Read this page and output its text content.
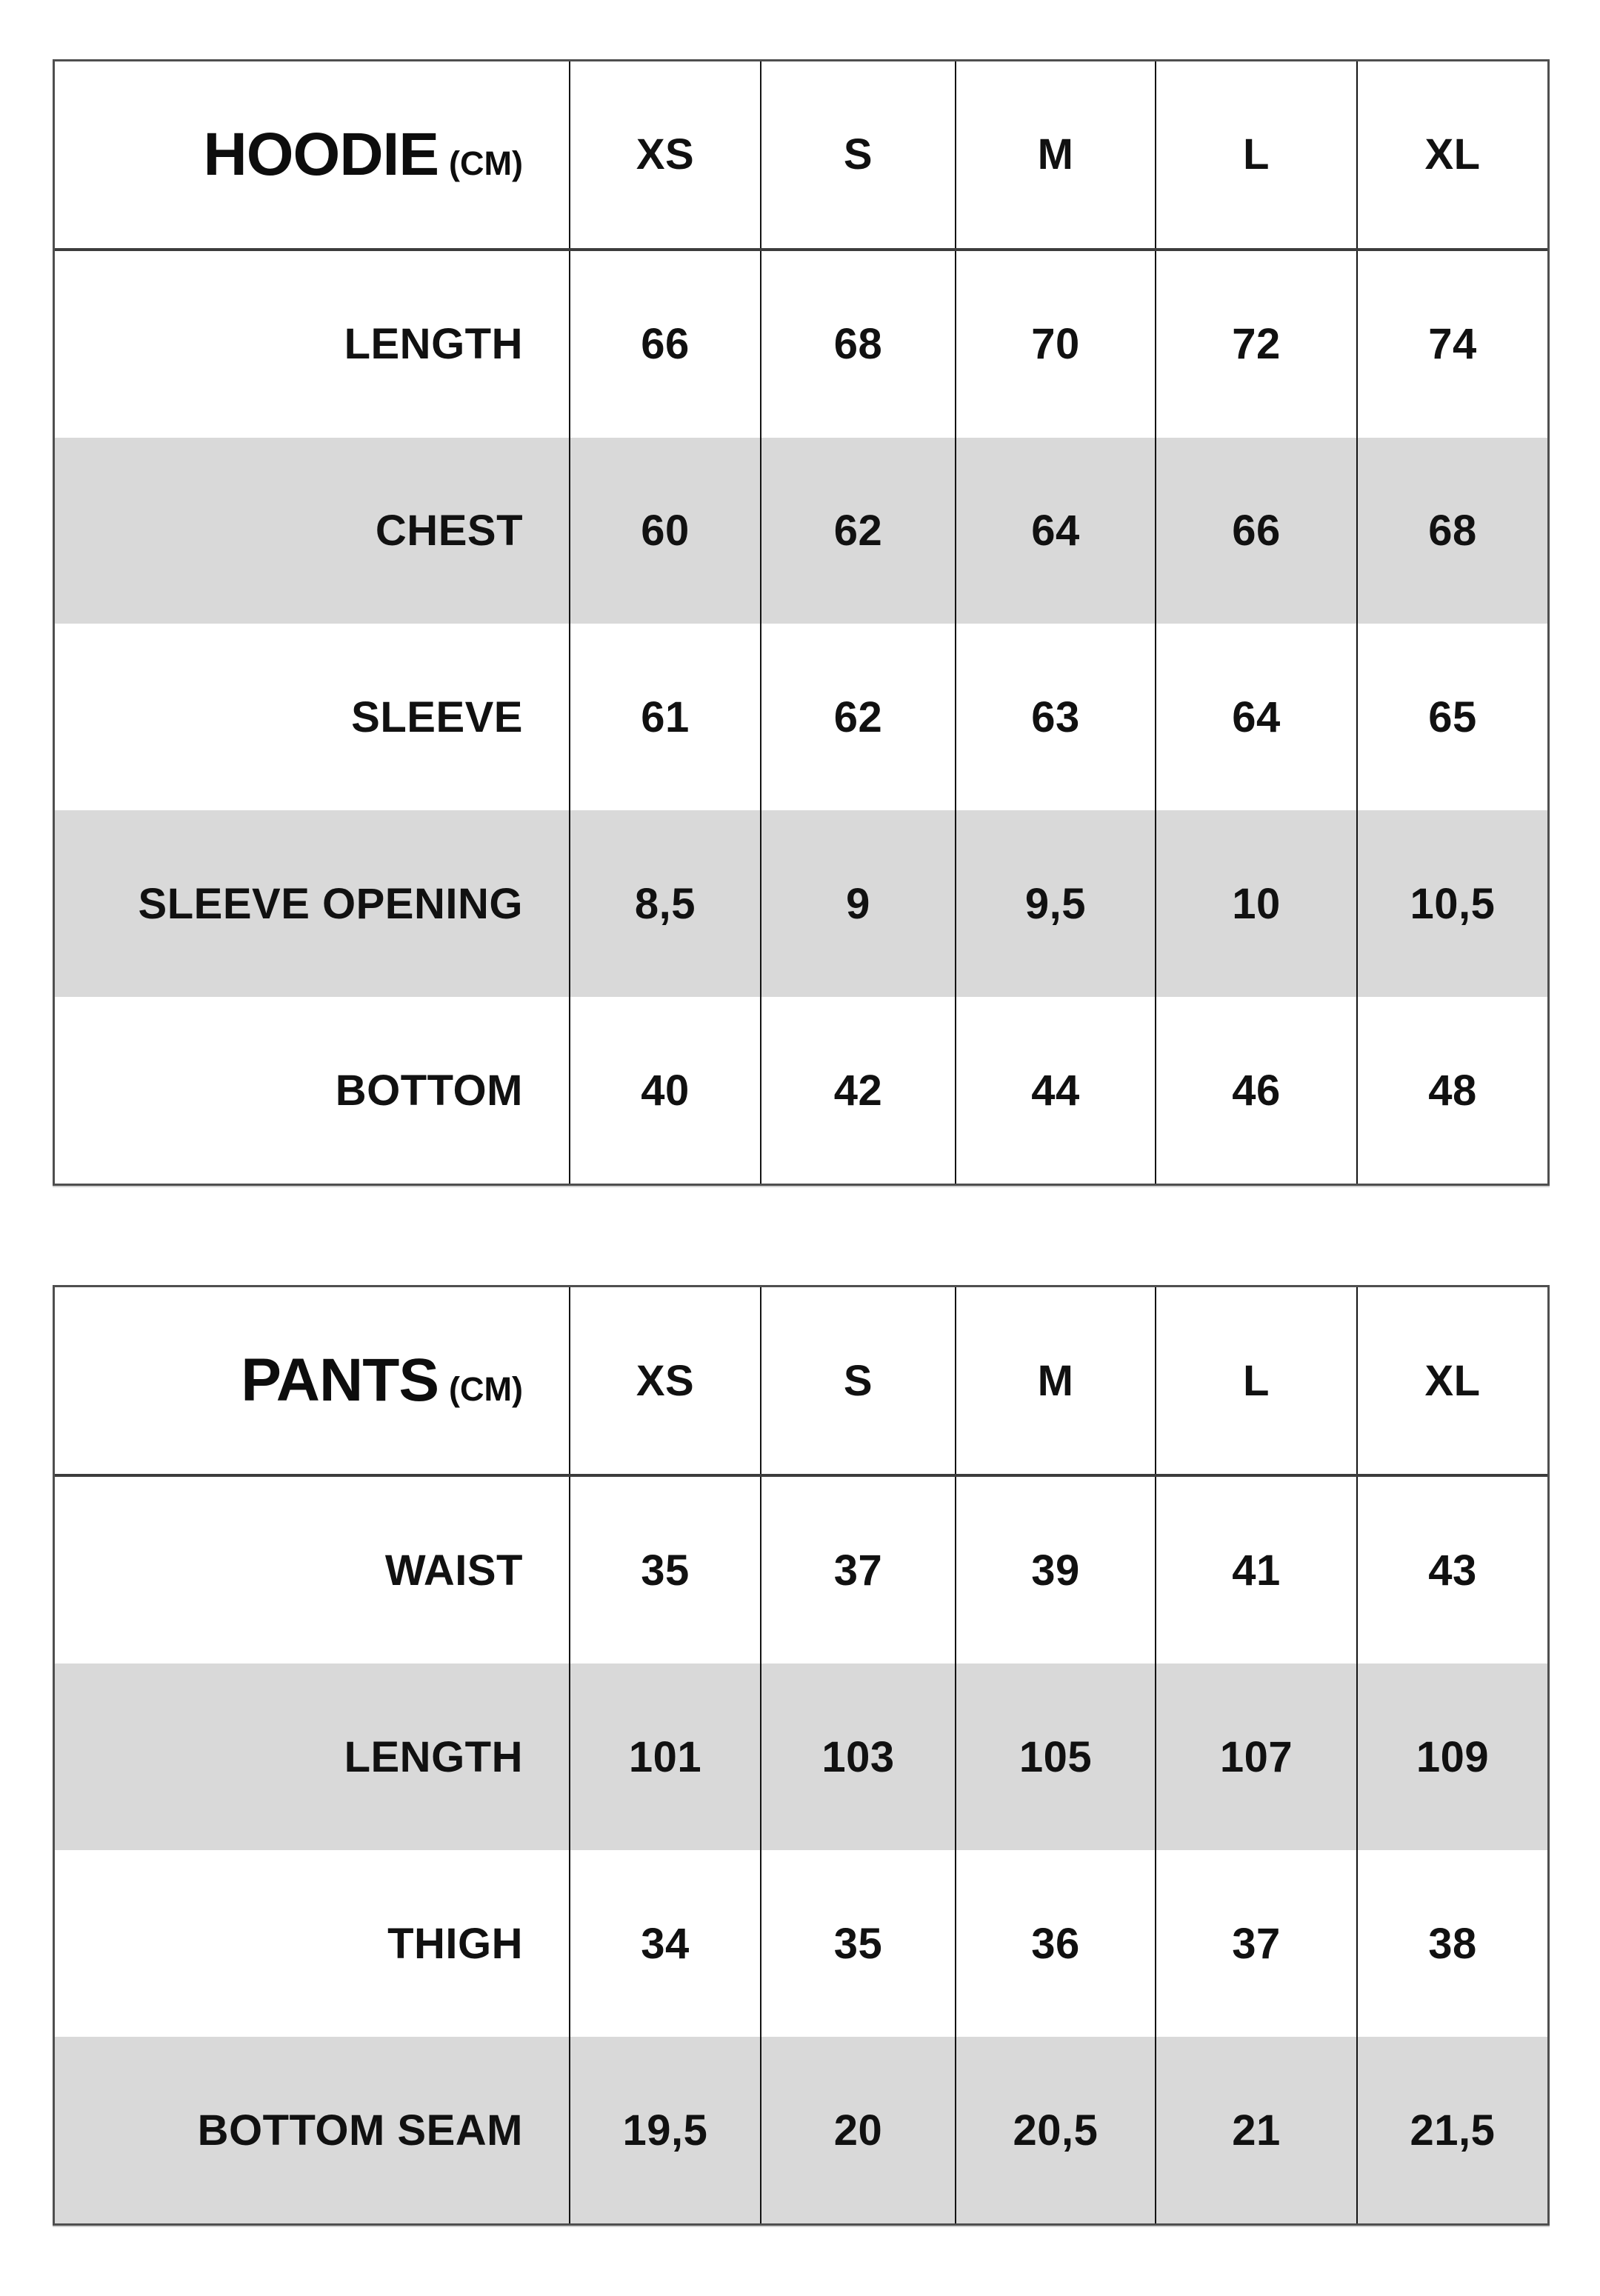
HOODIE (CM)	XS	S	M	L	XL
LENGTH	66	68	70	72	74
CHEST	60	62	64	66	68
SLEEVE	61	62	63	64	65
SLEEVE OPENING	8,5	9	9,5	10	10,5
BOTTOM	40	42	44	46	48
PANTS (CM)	XS	S	M	L	XL
WAIST	35	37	39	41	43
LENGTH 101	103	105	107	109
THIGH	34	35	36	37	38
BOTTOM SEAM 19,5	20	20,5	21	21,5
